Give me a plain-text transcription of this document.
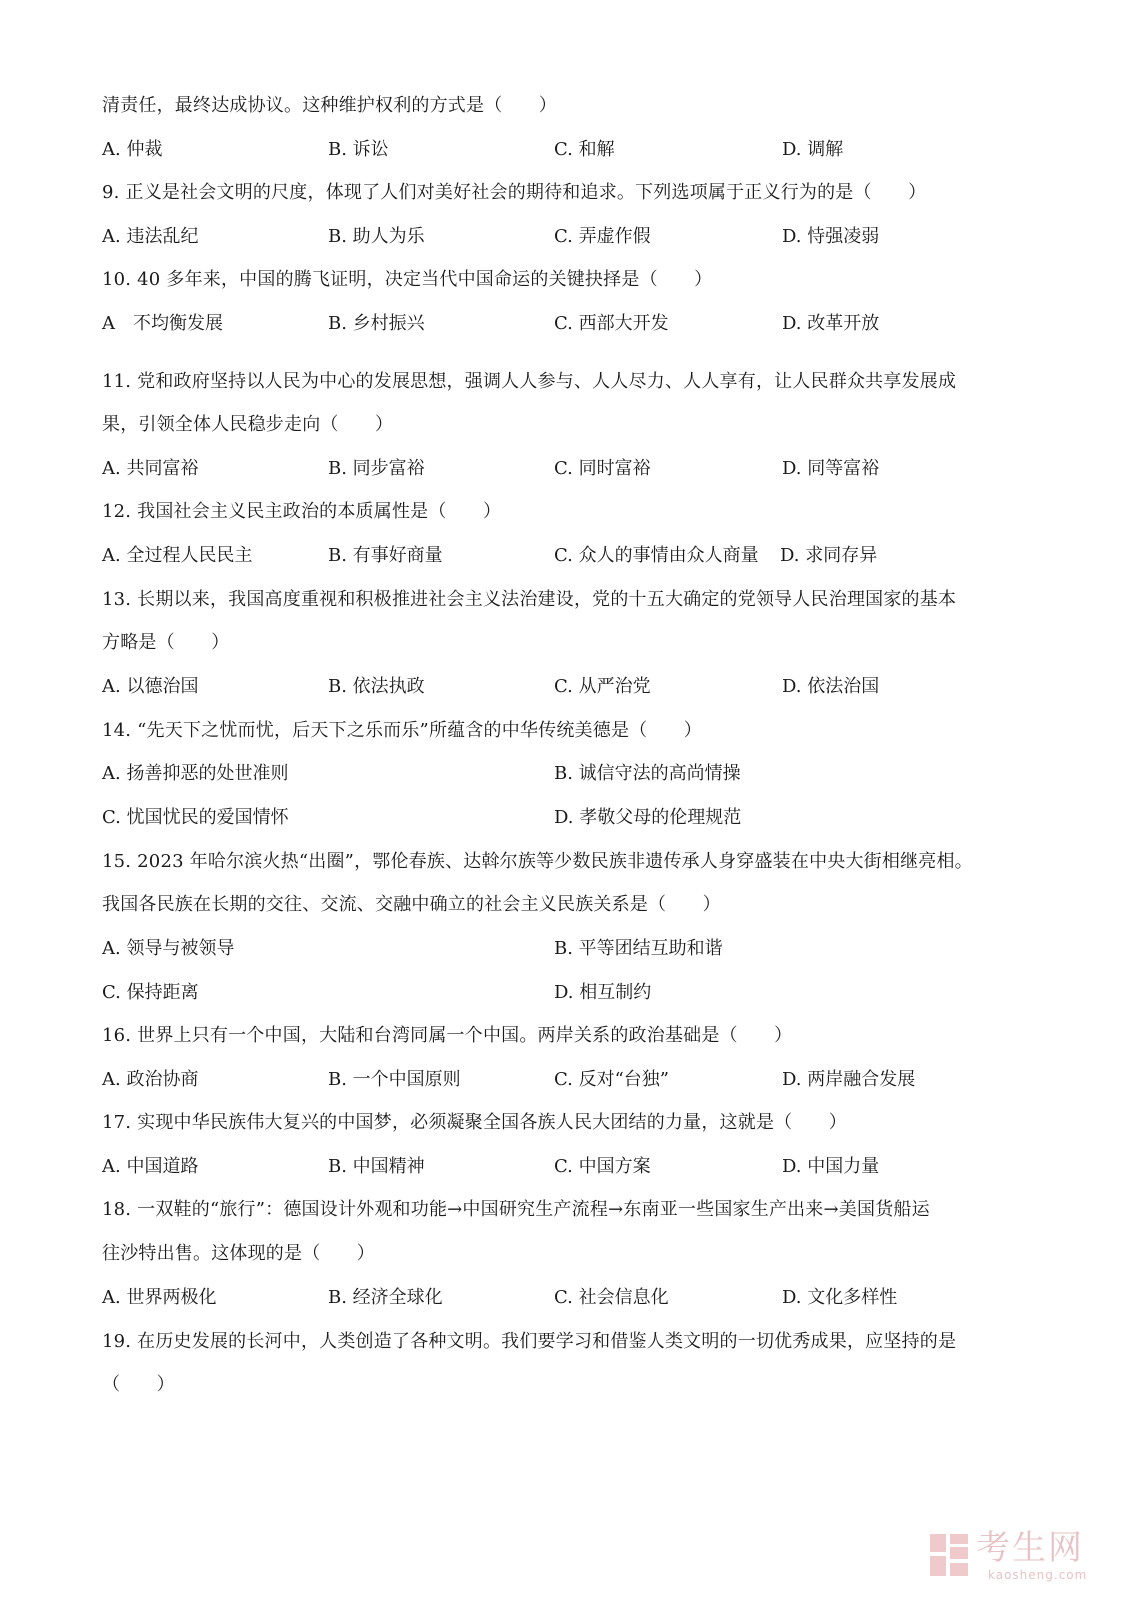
清责任，最终达成协议。这种维护权利的方式是（　　）
A. 仲裁	B. 诉讼	C. 和解	D. 调解
9. 正义是社会文明的尺度，体现了人们对美好社会的期待和追求。下列选项属于正义行为的是（　　）
A. 违法乱纪	B. 助人为乐	C. 弄虚作假	D. 恃强凌弱
10. 40 多年来，中国的腾飞证明，决定当代中国命运的关键抉择是（　　）
A　不均衡发展	B. 乡村振兴	C. 西部大开发	D. 改革开放
11. 党和政府坚持以人民为中心的发展思想，强调人人参与、人人尽力、人人享有，让人民群众共享发展成
果，引领全体人民稳步走向（　　）
A. 共同富裕	B. 同步富裕	C. 同时富裕	D. 同等富裕
12. 我国社会主义民主政治的本质属性是（　　）
A. 全过程人民民主	B. 有事好商量	C. 众人的事情由众人商量 D. 求同存异
13. 长期以来，我国高度重视和积极推进社会主义法治建设，党的十五大确定的党领导人民治理国家的基本
方略是（　　）
A. 以德治国	B. 依法执政	C. 从严治党	D. 依法治国
14. “先天下之忧而忧，后天下之乐而乐”所蕴含的中华传统美德是（　　）
A. 扬善抑恶的处世准则	B. 诚信守法的高尚情操
C. 忧国忧民的爱国情怀	D. 孝敬父母的伦理规范
15. 2023 年哈尔滨火热“出圈”，鄂伦春族、达斡尔族等少数民族非遗传承人身穿盛装在中央大街相继亮相。
我国各民族在长期的交往、交流、交融中确立的社会主义民族关系是（　　）
A. 领导与被领导	B. 平等团结互助和谐
C. 保持距离	D. 相互制约
16. 世界上只有一个中国，大陆和台湾同属一个中国。两岸关系的政治基础是（　　）
A. 政治协商	B. 一个中国原则	C. 反对“台独”	D. 两岸融合发展
17. 实现中华民族伟大复兴的中国梦，必须凝聚全国各族人民大团结的力量，这就是（　　）
A. 中国道路	B. 中国精神	C. 中国方案	D. 中国力量
18. 一双鞋的“旅行”：德国设计外观和功能→中国研究生产流程→东南亚一些国家生产出来→美国货船运
往沙特出售。这体现的是（　　）
A. 世界两极化	B. 经济全球化	C. 社会信息化	D. 文化多样性
19. 在历史发展的长河中，人类创造了各种文明。我们要学习和借鉴人类文明的一切优秀成果，应坚持的是
（　　）
考生网
kaosheng.com
